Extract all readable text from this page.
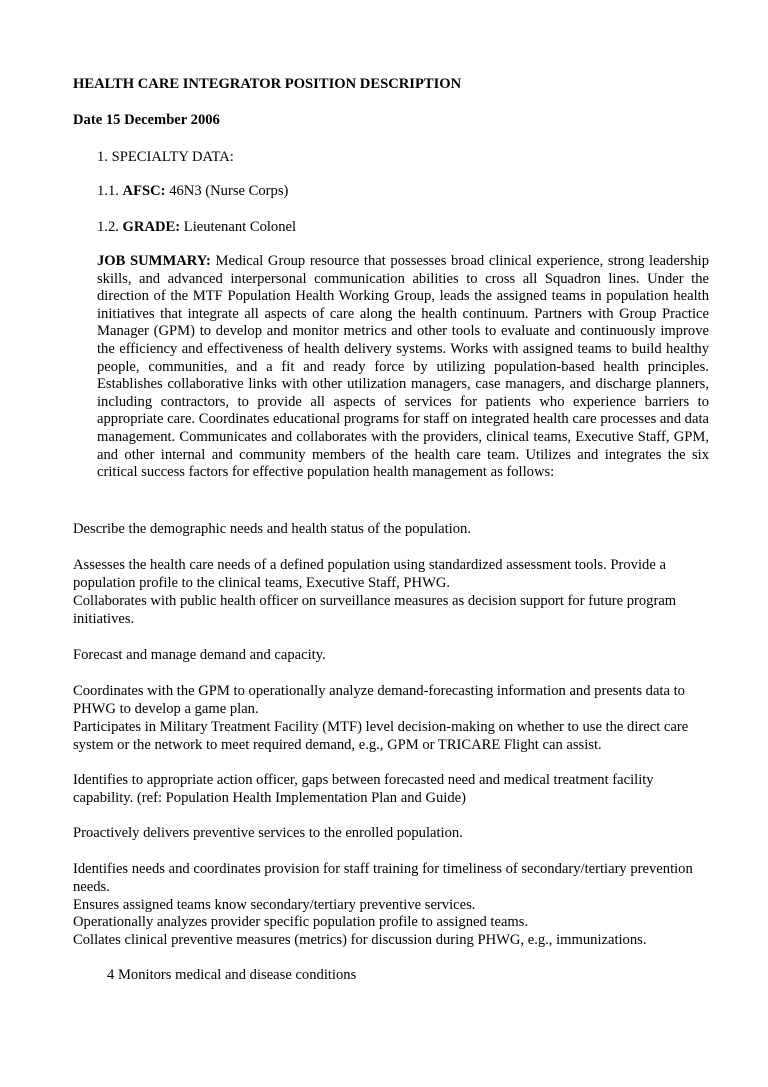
HEALTH CARE INTEGRATOR POSITION DESCRIPTION
Date 15 December 2006
1. SPECIALTY DATA:
1.1. AFSC: 46N3 (Nurse Corps)
1.2. GRADE: Lieutenant Colonel
JOB SUMMARY: Medical Group resource that possesses broad clinical experience, strong leadership skills, and advanced interpersonal communication abilities to cross all Squadron lines. Under the direction of the MTF Population Health Working Group, leads the assigned teams in population health initiatives that integrate all aspects of care along the health continuum. Partners with Group Practice Manager (GPM) to develop and monitor metrics and other tools to evaluate and continuously improve the efficiency and effectiveness of health delivery systems. Works with assigned teams to build healthy people, communities, and a fit and ready force by utilizing population-based health principles. Establishes collaborative links with other utilization managers, case managers, and discharge planners, including contractors, to provide all aspects of services for patients who experience barriers to appropriate care. Coordinates educational programs for staff on integrated health care processes and data management. Communicates and collaborates with the providers, clinical teams, Executive Staff, GPM, and other internal and community members of the health care team. Utilizes and integrates the six critical success factors for effective population health management as follows:
Describe the demographic needs and health status of the population.
Assesses the health care needs of a defined population using standardized assessment tools. Provide a population profile to the clinical teams, Executive Staff, PHWG.
Collaborates with public health officer on surveillance measures as decision support for future program initiatives.
Forecast and manage demand and capacity.
Coordinates with the GPM to operationally analyze demand-forecasting information and presents data to PHWG to develop a game plan.
Participates in Military Treatment Facility (MTF) level decision-making on whether to use the direct care system or the network to meet required demand, e.g., GPM or TRICARE Flight can assist.
Identifies to appropriate action officer, gaps between forecasted need and medical treatment facility capability. (ref: Population Health Implementation Plan and Guide)
Proactively delivers preventive services to the enrolled population.
Identifies needs and coordinates provision for staff training for timeliness of secondary/tertiary prevention needs.
Ensures assigned teams know secondary/tertiary preventive services.
Operationally analyzes provider specific population profile to assigned teams.
Collates clinical preventive measures (metrics) for discussion during PHWG, e.g., immunizations.
4 Monitors medical and disease conditions
